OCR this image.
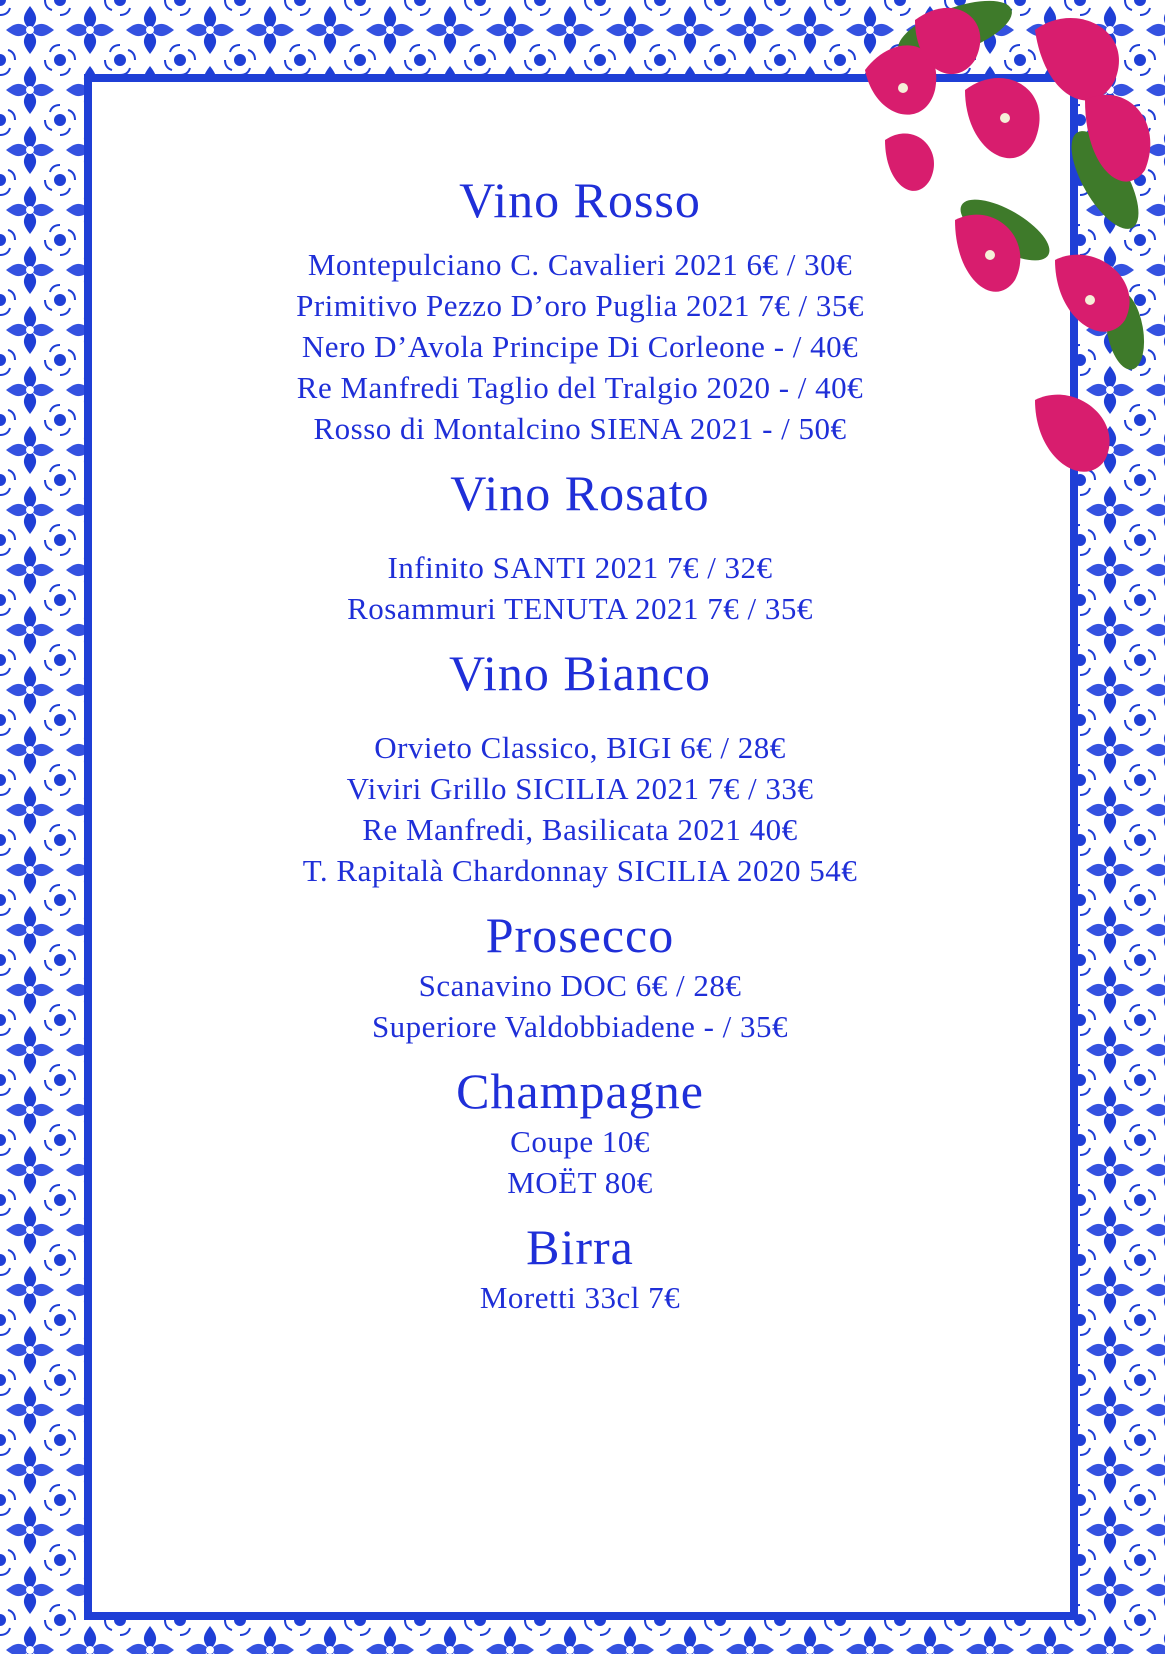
Vino Rosso

Montepulciano C. Cavalieri 2021 6€ / 30€

Primitivo Pezzo D’oro Puglia 2021 7€ / 35€

Nero D’Avola Principe Di Corleone - / 40€

Re Manfredi Taglio del Tralgio 2020 - / 40€

Rosso di Montalcino SIENA 2021 - / 50€

Vino Rosato

Infinito SANTI 2021 7€ / 32€

Rosammuri TENUTA 2021 7€ / 35€

Vino Bianco

Orvieto Classico, BIGI 6€ / 28€

Viviri Grillo SICILIA 2021 7€ / 33€

Re Manfredi, Basilicata 2021 40€

T. Rapitalà Chardonnay SICILIA 2020 54€

Prosecco

Scanavino DOC 6€ / 28€

Superiore Valdobbiadene - / 35€

Champagne

Coupe 10€

MOËT 80€

Birra

Moretti 33cl 7€
